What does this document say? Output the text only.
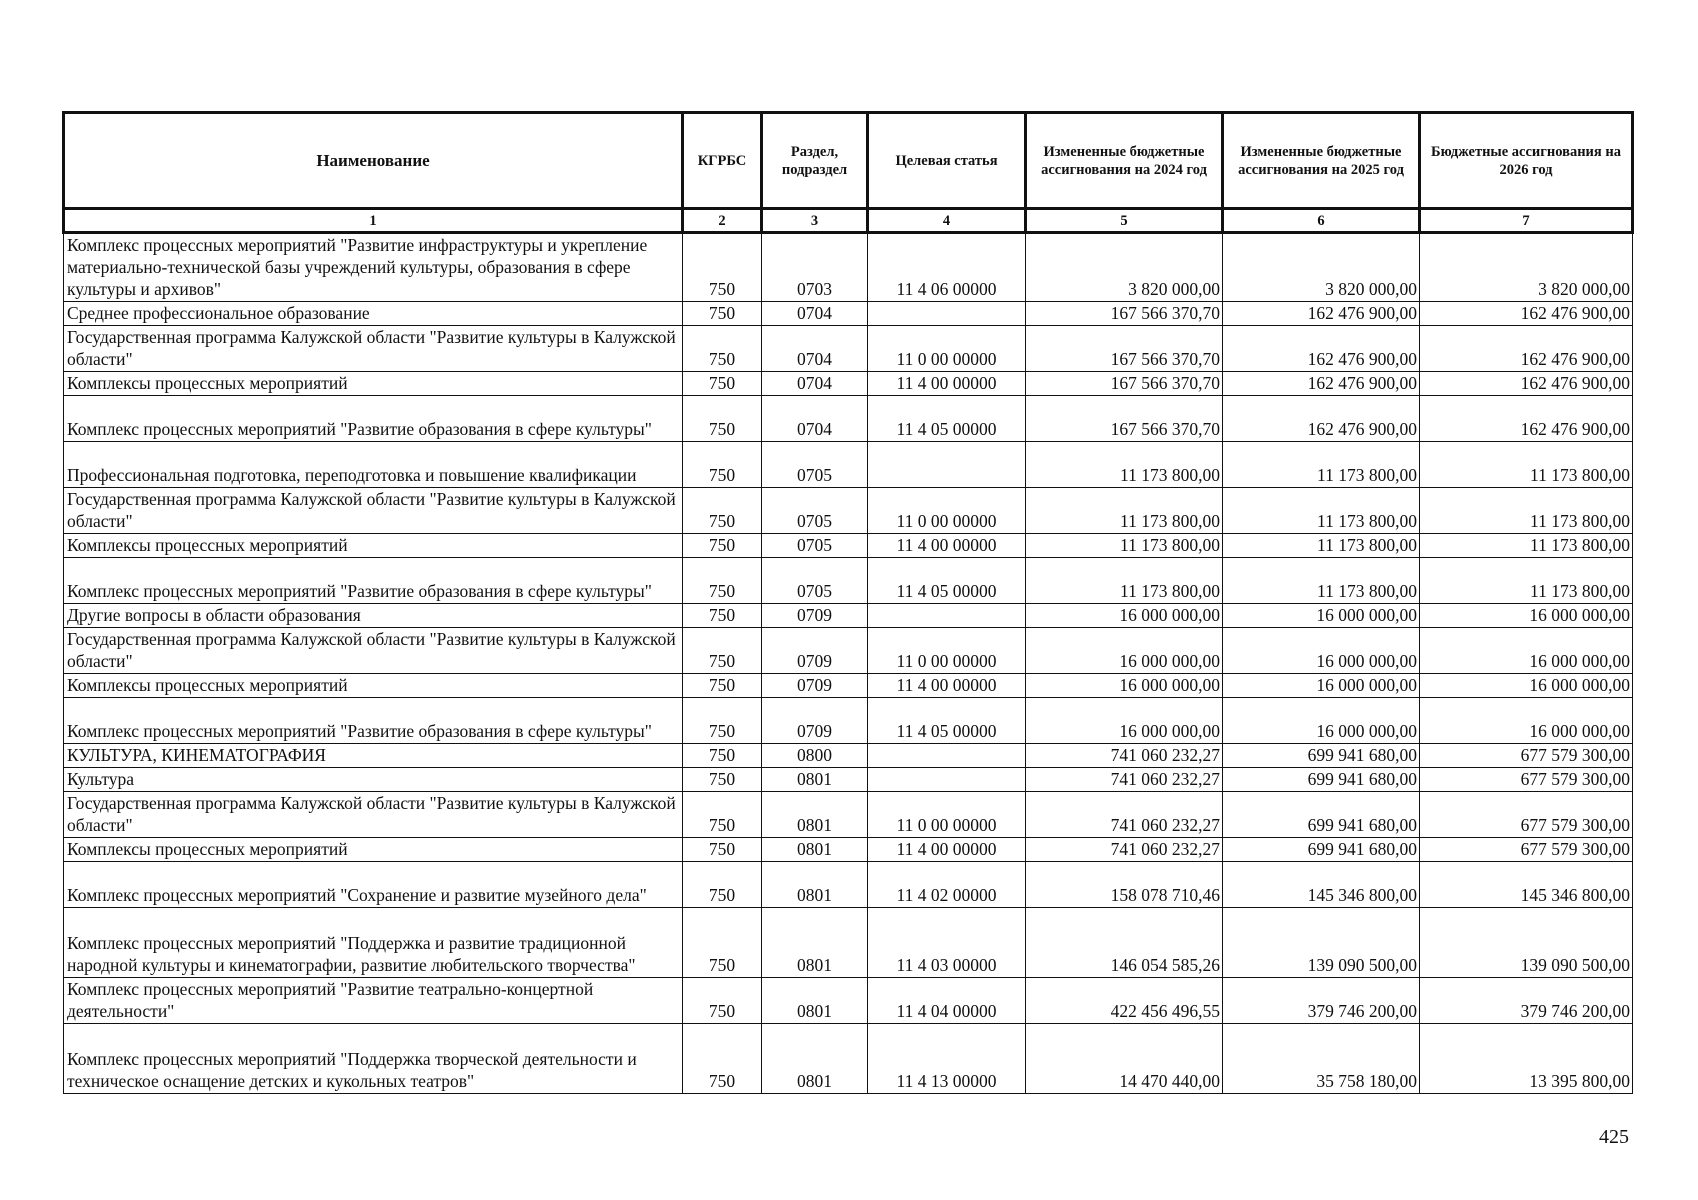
Наименование	КГРБС	Раздел, подраздел	Целевая статья	Измененные бюджетные ассигнования на 2024 год	Измененные бюджетные ассигнования на 2025 год	Бюджетные ассигнования на 2026 год
1	2	3	4	5	6	7
Комплекс процессных мероприятий "Развитие инфраструктуры и укрепление материально-технической базы учреждений культуры, образования в сфере культуры и архивов"	750	0703	11 4 06 00000	3 820 000,00	3 820 000,00	3 820 000,00
Среднее профессиональное образование	750	0704		167 566 370,70	162 476 900,00	162 476 900,00
Государственная программа Калужской области "Развитие культуры в Калужской области"	750	0704	11 0 00 00000	167 566 370,70	162 476 900,00	162 476 900,00
Комплексы процессных мероприятий	750	0704	11 4 00 00000	167 566 370,70	162 476 900,00	162 476 900,00
Комплекс процессных мероприятий "Развитие образования в сфере культуры"	750	0704	11 4 05 00000	167 566 370,70	162 476 900,00	162 476 900,00
Профессиональная подготовка, переподготовка и повышение квалификации	750	0705		11 173 800,00	11 173 800,00	11 173 800,00
Государственная программа Калужской области "Развитие культуры в Калужской области"	750	0705	11 0 00 00000	11 173 800,00	11 173 800,00	11 173 800,00
Комплексы процессных мероприятий	750	0705	11 4 00 00000	11 173 800,00	11 173 800,00	11 173 800,00
Комплекс процессных мероприятий "Развитие образования в сфере культуры"	750	0705	11 4 05 00000	11 173 800,00	11 173 800,00	11 173 800,00
Другие вопросы в области образования	750	0709		16 000 000,00	16 000 000,00	16 000 000,00
Государственная программа Калужской области "Развитие культуры в Калужской области"	750	0709	11 0 00 00000	16 000 000,00	16 000 000,00	16 000 000,00
Комплексы процессных мероприятий	750	0709	11 4 00 00000	16 000 000,00	16 000 000,00	16 000 000,00
Комплекс процессных мероприятий "Развитие образования в сфере культуры"	750	0709	11 4 05 00000	16 000 000,00	16 000 000,00	16 000 000,00
КУЛЬТУРА, КИНЕМАТОГРАФИЯ	750	0800		741 060 232,27	699 941 680,00	677 579 300,00
Культура	750	0801		741 060 232,27	699 941 680,00	677 579 300,00
Государственная программа Калужской области "Развитие культуры в Калужской области"	750	0801	11 0 00 00000	741 060 232,27	699 941 680,00	677 579 300,00
Комплексы процессных мероприятий	750	0801	11 4 00 00000	741 060 232,27	699 941 680,00	677 579 300,00
Комплекс процессных мероприятий "Сохранение и развитие музейного дела"	750	0801	11 4 02 00000	158 078 710,46	145 346 800,00	145 346 800,00
Комплекс процессных мероприятий "Поддержка и развитие традиционной народной культуры и кинематографии, развитие любительского творчества"	750	0801	11 4 03 00000	146 054 585,26	139 090 500,00	139 090 500,00
Комплекс процессных мероприятий "Развитие театрально-концертной деятельности"	750	0801	11 4 04 00000	422 456 496,55	379 746 200,00	379 746 200,00
Комплекс процессных мероприятий "Поддержка творческой деятельности и техническое оснащение детских и кукольных театров"	750	0801	11 4 13 00000	14 470 440,00	35 758 180,00	13 395 800,00
425
